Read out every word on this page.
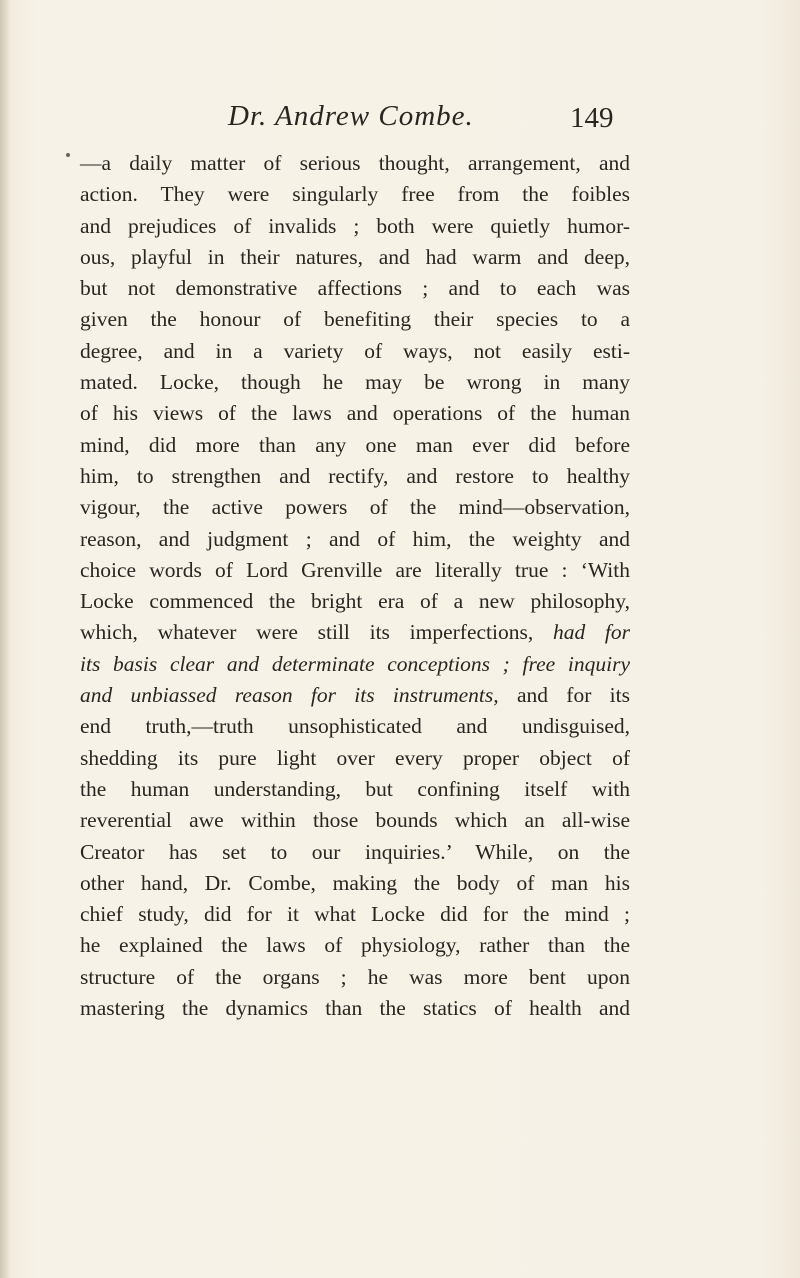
Dr. Andrew Combe.	149
—a daily matter of serious thought, arrangement, and
action. They were singularly free from the foibles
and prejudices of invalids ; both were quietly humor-
ous, playful in their natures, and had warm and deep,
but not demonstrative affections ; and to each was
given the honour of benefiting their species to a
degree, and in a variety of ways, not easily esti-
mated. Locke, though he may be wrong in many
of his views of the laws and operations of the human
mind, did more than any one man ever did before
him, to strengthen and rectify, and restore to healthy
vigour, the active powers of the mind—observation,
reason, and judgment ; and of him, the weighty and
choice words of Lord Grenville are literally true : ‘With
Locke commenced the bright era of a new philosophy,
which, whatever were still its imperfections, had for
its basis clear and determinate conceptions ; free inquiry
and unbiassed reason for its instruments, and for its
end truth,—truth unsophisticated and undisguised,
shedding its pure light over every proper object of
the human understanding, but confining itself with
reverential awe within those bounds which an all-wise
Creator has set to our inquiries.’ While, on the
other hand, Dr. Combe, making the body of man his
chief study, did for it what Locke did for the mind ;
he explained the laws of physiology, rather than the
structure of the organs ; he was more bent upon
mastering the dynamics than the statics of health and
